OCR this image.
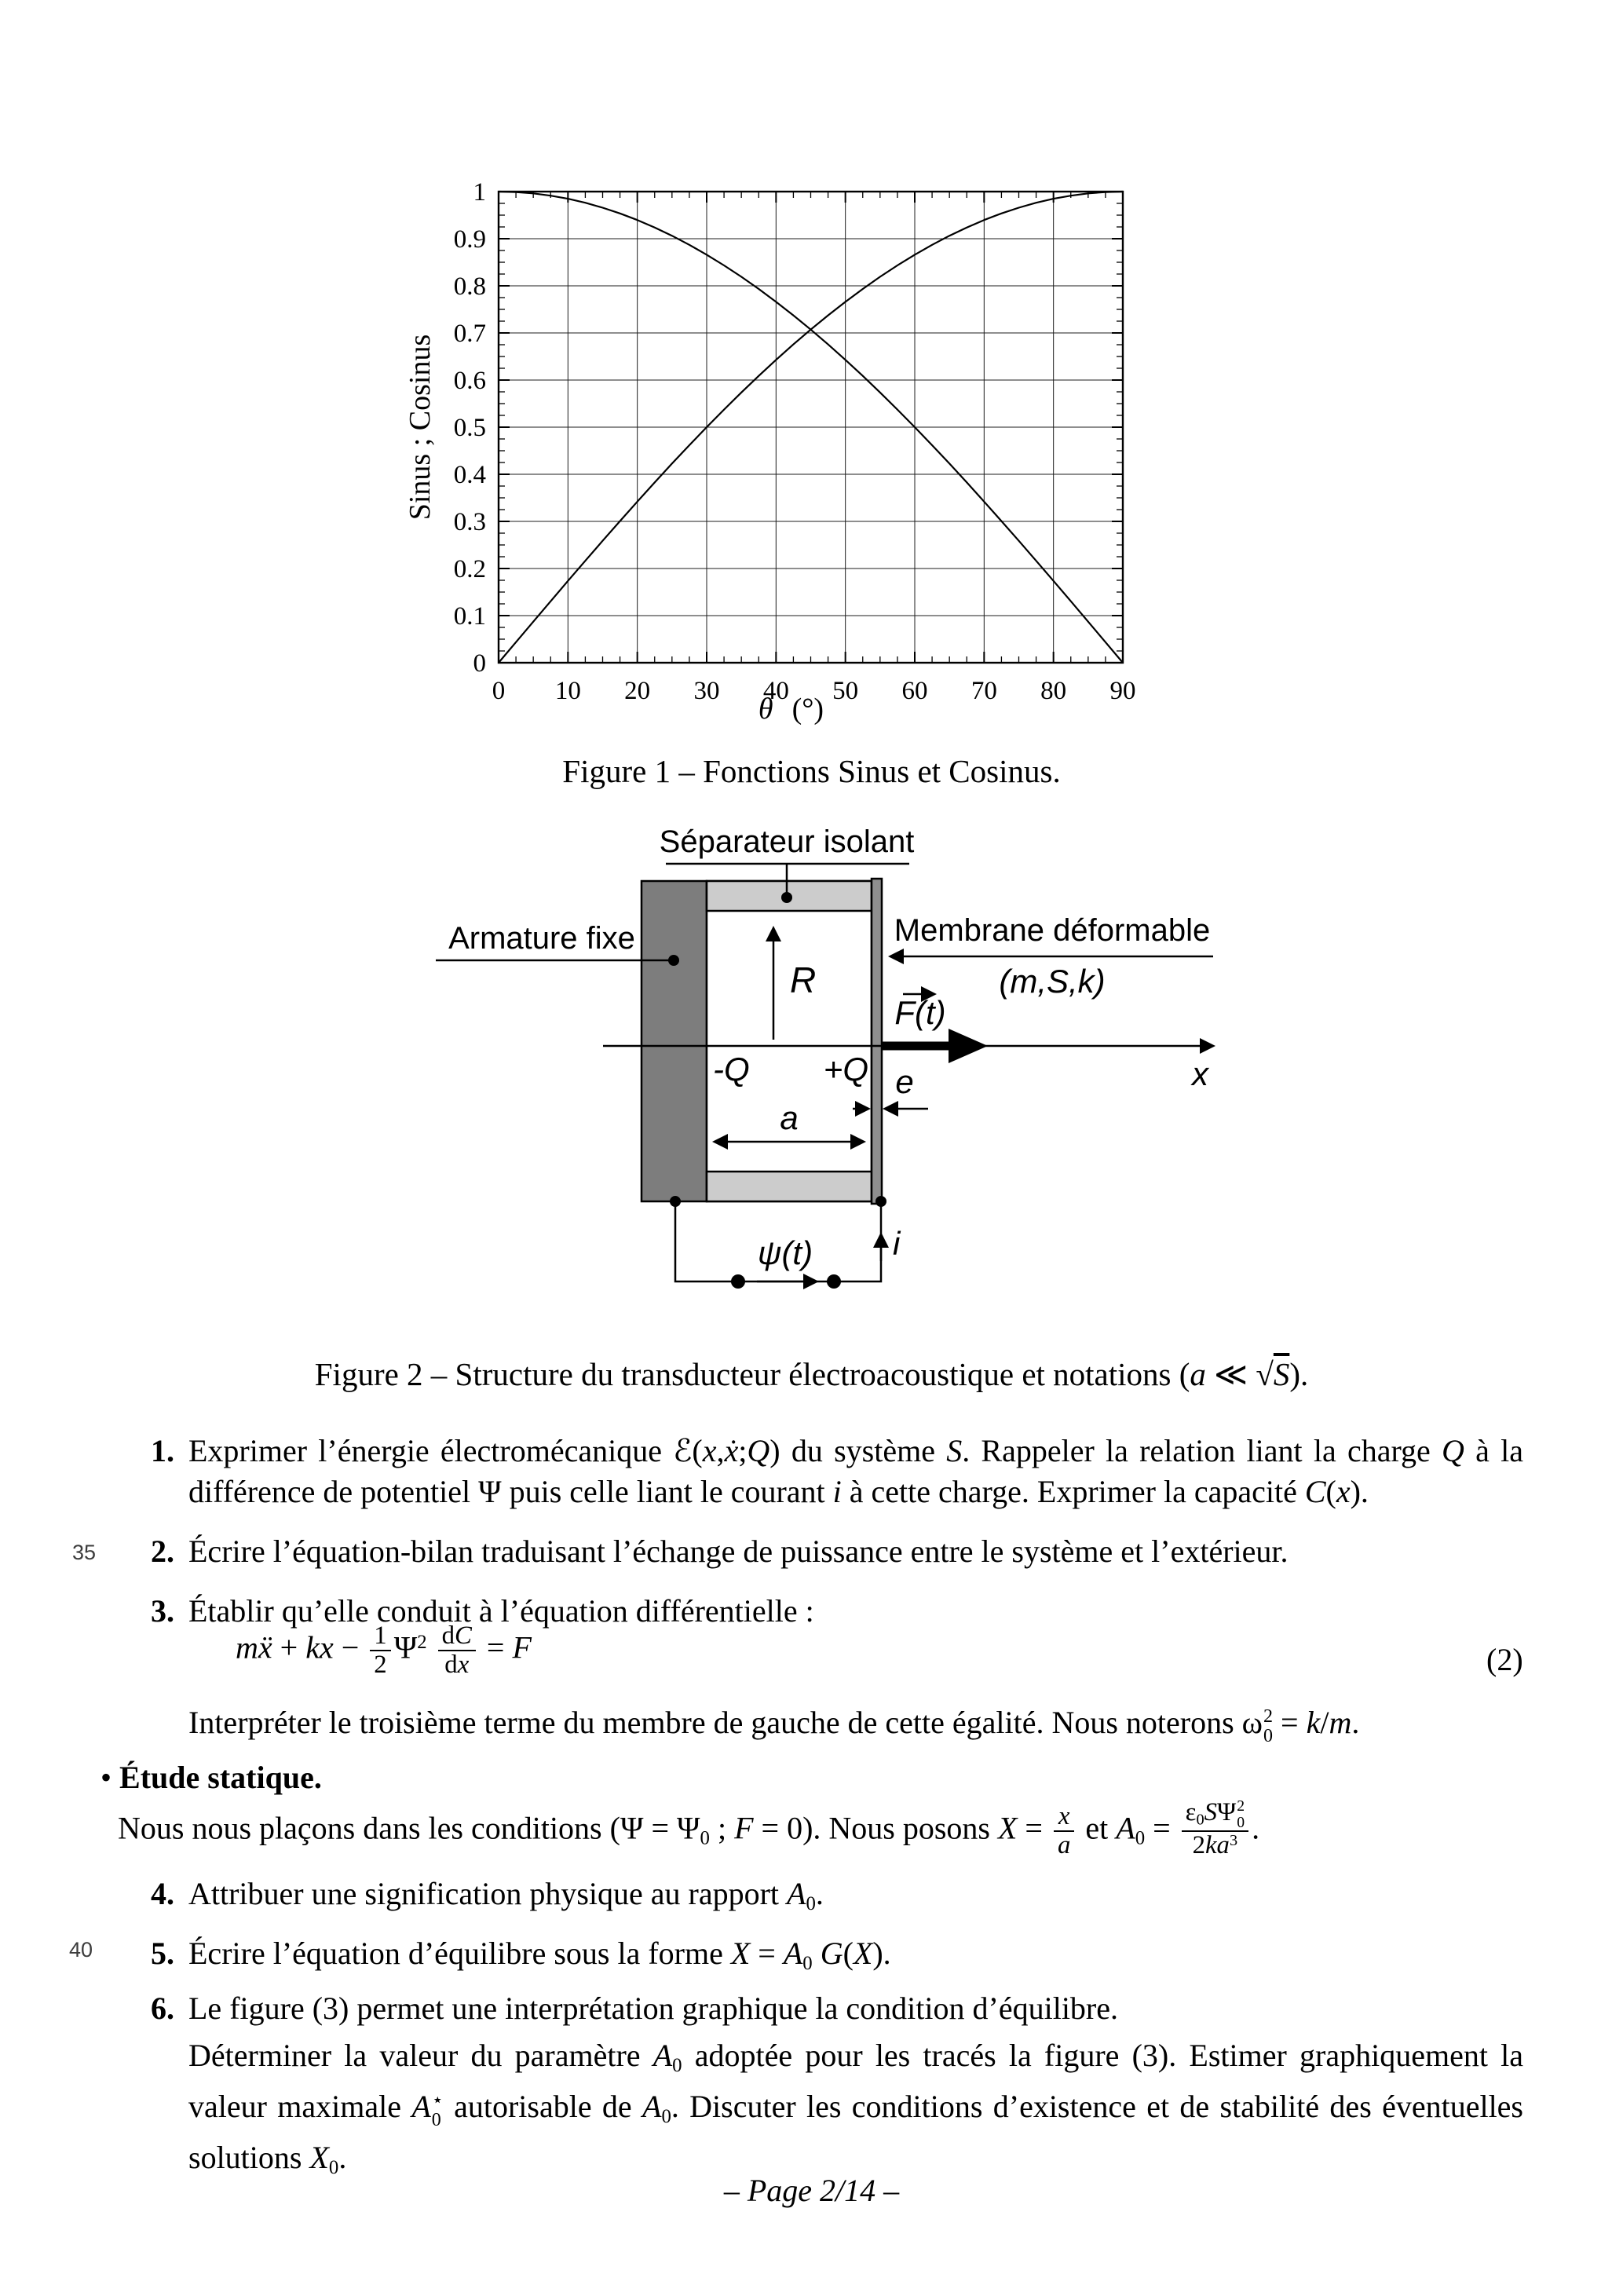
0 10 20 30 40 50 60 70 80 90
0
0.1
0.2
0.3
0.4
0.5
0.6
0.7
0.8
0.9
1
Sinus ; Cosinus
θ (°)
Figure 1 – Fonctions Sinus et Cosinus.
Séparateur isolant
Armature fixe	Membrane déformable
(m,S,k)
R
x
F(t)
-Q +Q e
a
ψ(t) i
Figure 2 – Structure du transducteur électroacoustique et notations (a ≪ √S).
35
40
1. Exprimer l’énergie électromécanique ℰ(x,ẋ;Q) du système S. Rappeler la relation liant la charge Q à la différence de potentiel Ψ puis celle liant le courant i à cette charge. Exprimer la capacité C(x).
2. Écrire l’équation-bilan traduisant l’échange de puissance entre le système et l’extérieur.
3. Établir qu’elle conduit à l’équation différentielle :
mẍ + kx − $\frac{1}{2} \Psi^2 \frac{dC}{dx} = F$	(2)
Interpréter le troisième terme du membre de gauche de cette égalité. Nous noterons ω 2
0 = k/m.
• Étude statique.
Nous nous plaçons dans les conditions (Ψ = Ψ0 ; F = 0). Nous posons $X = \frac{x}{a}$ et A0 = ε0SΨ 2
0
$2ka^3$ .
4. Attribuer une signification physique au rapport A0.
5. Écrire l’équation d’équilibre sous la forme X = A0 G(X).
6. Le figure (3) permet une interprétation graphique la condition d’équilibre.
Déterminer la valeur du paramètre A0 adoptée pour les tracés la figure (3). Estimer graphiquement la valeur maximale A ⋆
0 autorisable de A0. Discuter les conditions d’existence et de stabilité des éventuelles solutions X0.
– Page 2/14 –
